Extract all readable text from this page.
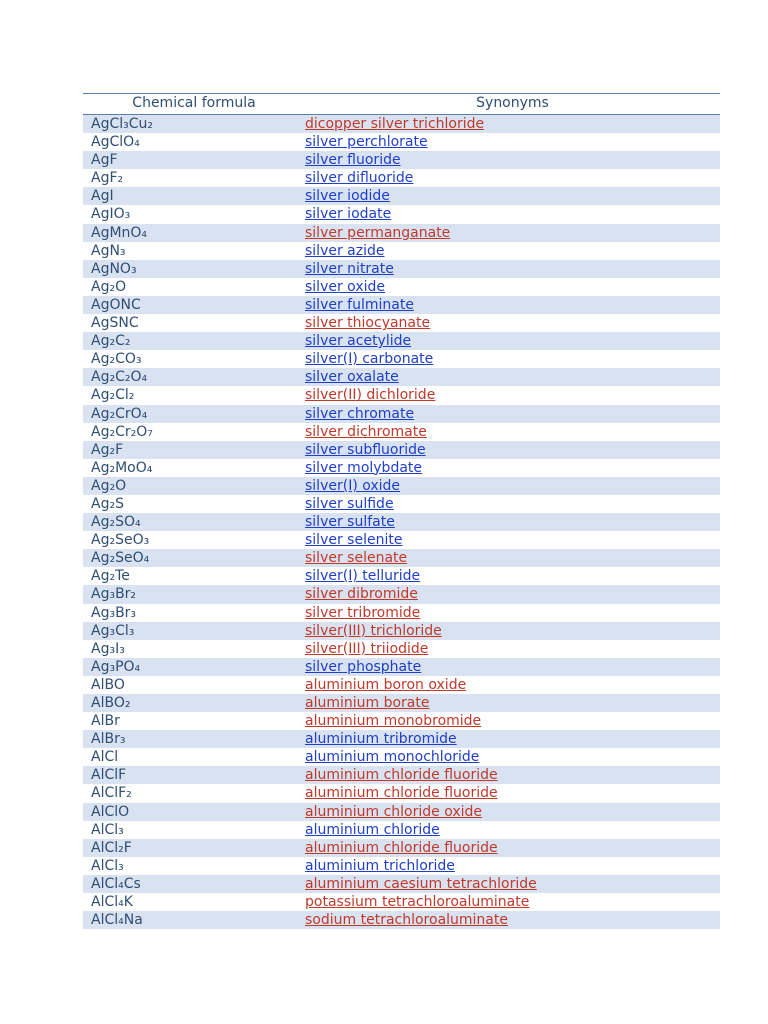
Chemical formula	Synonyms
AgCl₃Cu₂	dicopper silver trichloride
AgClO₄	silver perchlorate
AgF	silver fluoride
AgF₂	silver difluoride
AgI	silver iodide
AgIO₃	silver iodate
AgMnO₄	silver permanganate
AgN₃	silver azide
AgNO₃	silver nitrate
Ag₂O	silver oxide
AgONC	silver fulminate
AgSNC	silver thiocyanate
Ag₂C₂	silver acetylide
Ag₂CO₃	silver(I) carbonate
Ag₂C₂O₄	silver oxalate
Ag₂Cl₂	silver(II) dichloride
Ag₂CrO₄	silver chromate
Ag₂Cr₂O₇	silver dichromate
Ag₂F	silver subfluoride
Ag₂MoO₄	silver molybdate
Ag₂O	silver(I) oxide
Ag₂S	silver sulfide
Ag₂SO₄	silver sulfate
Ag₂SeO₃	silver selenite
Ag₂SeO₄	silver selenate
Ag₂Te	silver(I) telluride
Ag₃Br₂	silver dibromide
Ag₃Br₃	silver tribromide
Ag₃Cl₃	silver(III) trichloride
Ag₃I₃	silver(III) triiodide
Ag₃PO₄	silver phosphate
AlBO	aluminium boron oxide
AlBO₂	aluminium borate
AlBr	aluminium monobromide
AlBr₃	aluminium tribromide
AlCl	aluminium monochloride
AlClF	aluminium chloride fluoride
AlClF₂	aluminium chloride fluoride
AlClO	aluminium chloride oxide
AlCl₃	aluminium chloride
AlCl₂F	aluminium chloride fluoride
AlCl₃	aluminium trichloride
AlCl₄Cs	aluminium caesium tetrachloride
AlCl₄K	potassium tetrachloroaluminate
AlCl₄Na	sodium tetrachloroaluminate
